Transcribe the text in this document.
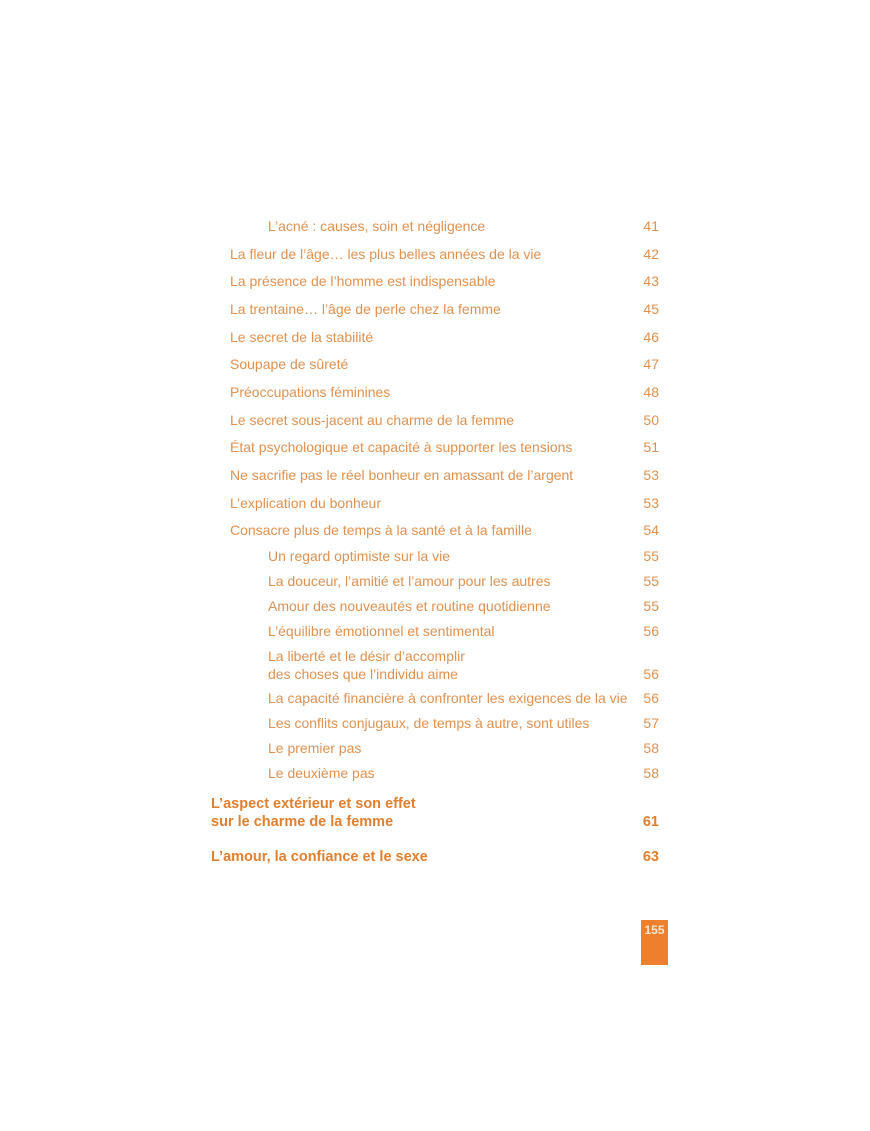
L’acné : causes, soin et négligence	41
La fleur de l’âge… les plus belles années de la vie	42
La présence de l’homme est indispensable	43
La trentaine… l’âge de perle chez la femme	45
Le secret de la stabilité	46
Soupape de sûreté	47
Préoccupations féminines	48
Le secret sous-jacent au charme de la femme	50
État psychologique et capacité à supporter les tensions	51
Ne sacrifie pas le réel bonheur en amassant de l’argent	53
L’explication du bonheur	53
Consacre plus de temps à la santé et à la famille	54
Un regard optimiste sur la vie	55
La douceur, l’amitié et l’amour pour les autres	55
Amour des nouveautés et routine quotidienne	55
L’équilibre émotionnel et sentimental	56
La liberté et le désir d’accomplir
des choses que l’individu aime	56
La capacité financière à confronter les exigences de la vie 56
Les conflits conjugaux, de temps à autre, sont utiles	57
Le premier pas	58
Le deuxième pas	58
L’aspect extérieur et son effet
sur le charme de la femme	61
L’amour, la confiance et le sexe	63
155
